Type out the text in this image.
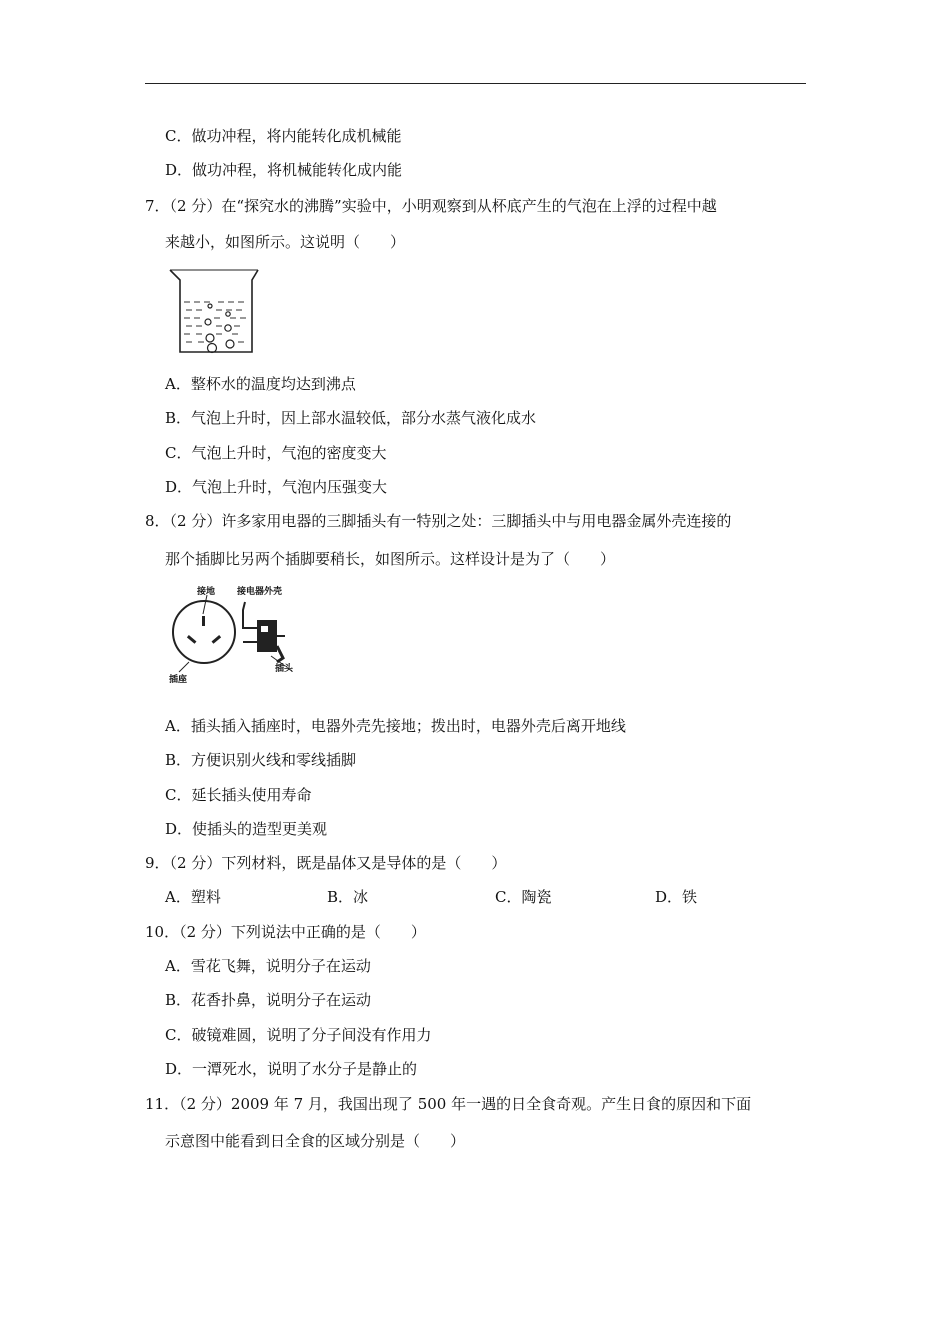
C．做功冲程，将内能转化成机械能
D．做功冲程，将机械能转化成内能
7．（2 分）在“探究水的沸腾”实验中，小明观察到从杯底产生的气泡在上浮的过程中越
来越小，如图所示。这说明（　　）
A．整杯水的温度均达到沸点
B．气泡上升时，因上部水温较低，部分水蒸气液化成水
C．气泡上升时，气泡的密度变大
D．气泡上升时，气泡内压强变大
8．（2 分）许多家用电器的三脚插头有一特别之处：三脚插头中与用电器金属外壳连接的
那个插脚比另两个插脚要稍长，如图所示。这样设计是为了（　　）
接地 接电器外壳
插座
插头
A．插头插入插座时，电器外壳先接地；拨出时，电器外壳后离开地线
B．方便识别火线和零线插脚
C．延长插头使用寿命
D．使插头的造型更美观
9．（2 分）下列材料，既是晶体又是导体的是（　　）
A．塑料	B．冰	C．陶瓷	D．铁
10．（2 分）下列说法中正确的是（　　）
A．雪花飞舞，说明分子在运动
B．花香扑鼻，说明分子在运动
C．破镜难圆，说明了分子间没有作用力
D．一潭死水，说明了水分子是静止的
11．（2 分）2009 年 7 月，我国出现了 500 年一遇的日全食奇观。产生日食的原因和下面
示意图中能看到日全食的区域分别是（　　）
